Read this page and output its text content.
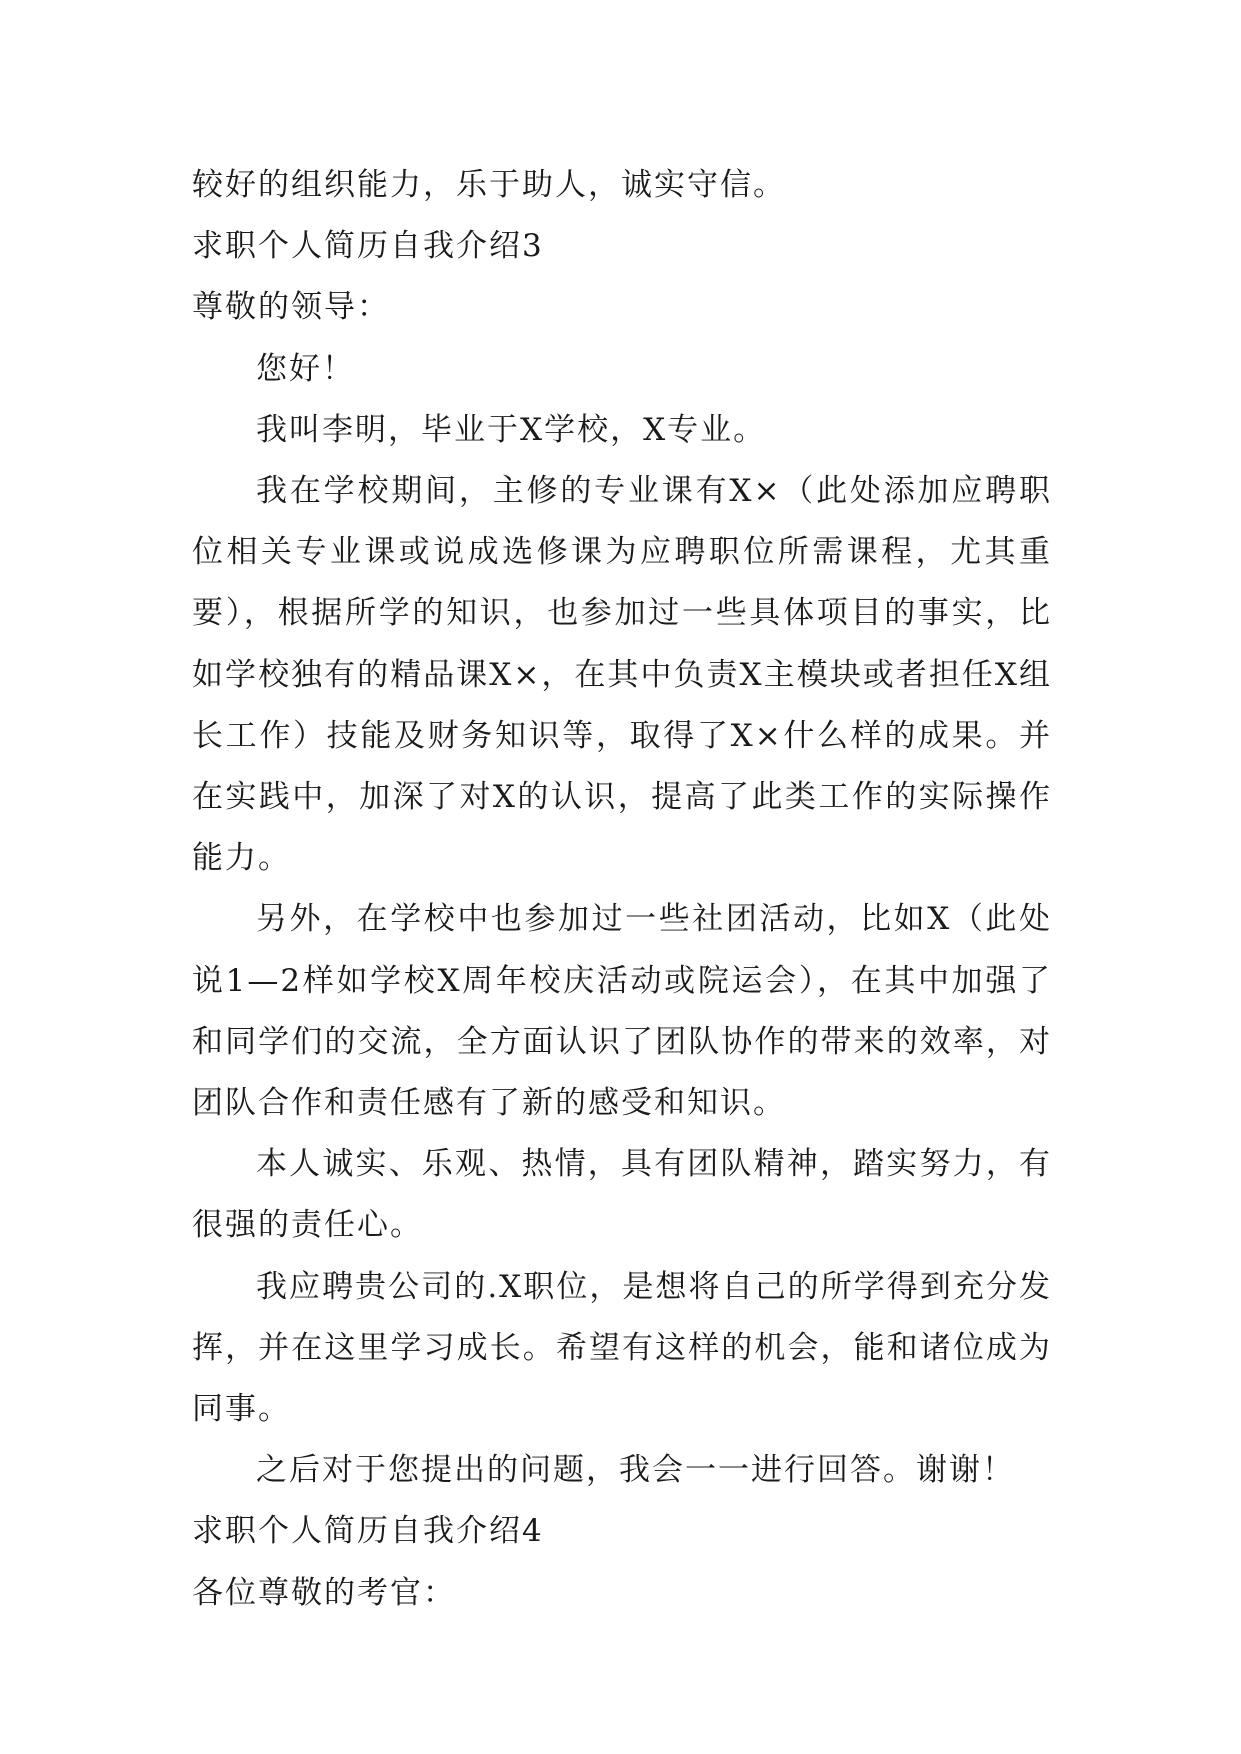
较好的组织能力，乐于助人，诚实守信。

求职个人简历自我介绍3

尊敬的领导：

您好！

我叫李明，毕业于X学校，X专业。

我在学校期间，主修的专业课有X×（此处添加应聘职位相关专业课或说成选修课为应聘职位所需课程，尤其重要），根据所学的知识，也参加过一些具体项目的事实，比如学校独有的精品课X×，在其中负责X主模块或者担任X组长工作）技能及财务知识等，取得了X×什么样的成果。并在实践中，加深了对X的认识，提高了此类工作的实际操作能力。

另外，在学校中也参加过一些社团活动，比如X（此处说1—2样如学校X周年校庆活动或院运会），在其中加强了和同学们的交流，全方面认识了团队协作的带来的效率，对团队合作和责任感有了新的感受和知识。

本人诚实、乐观、热情，具有团队精神，踏实努力，有很强的责任心。

我应聘贵公司的.X职位，是想将自己的所学得到充分发挥，并在这里学习成长。希望有这样的机会，能和诸位成为同事。

之后对于您提出的问题，我会一一进行回答。谢谢！

求职个人简历自我介绍4

各位尊敬的考官：
